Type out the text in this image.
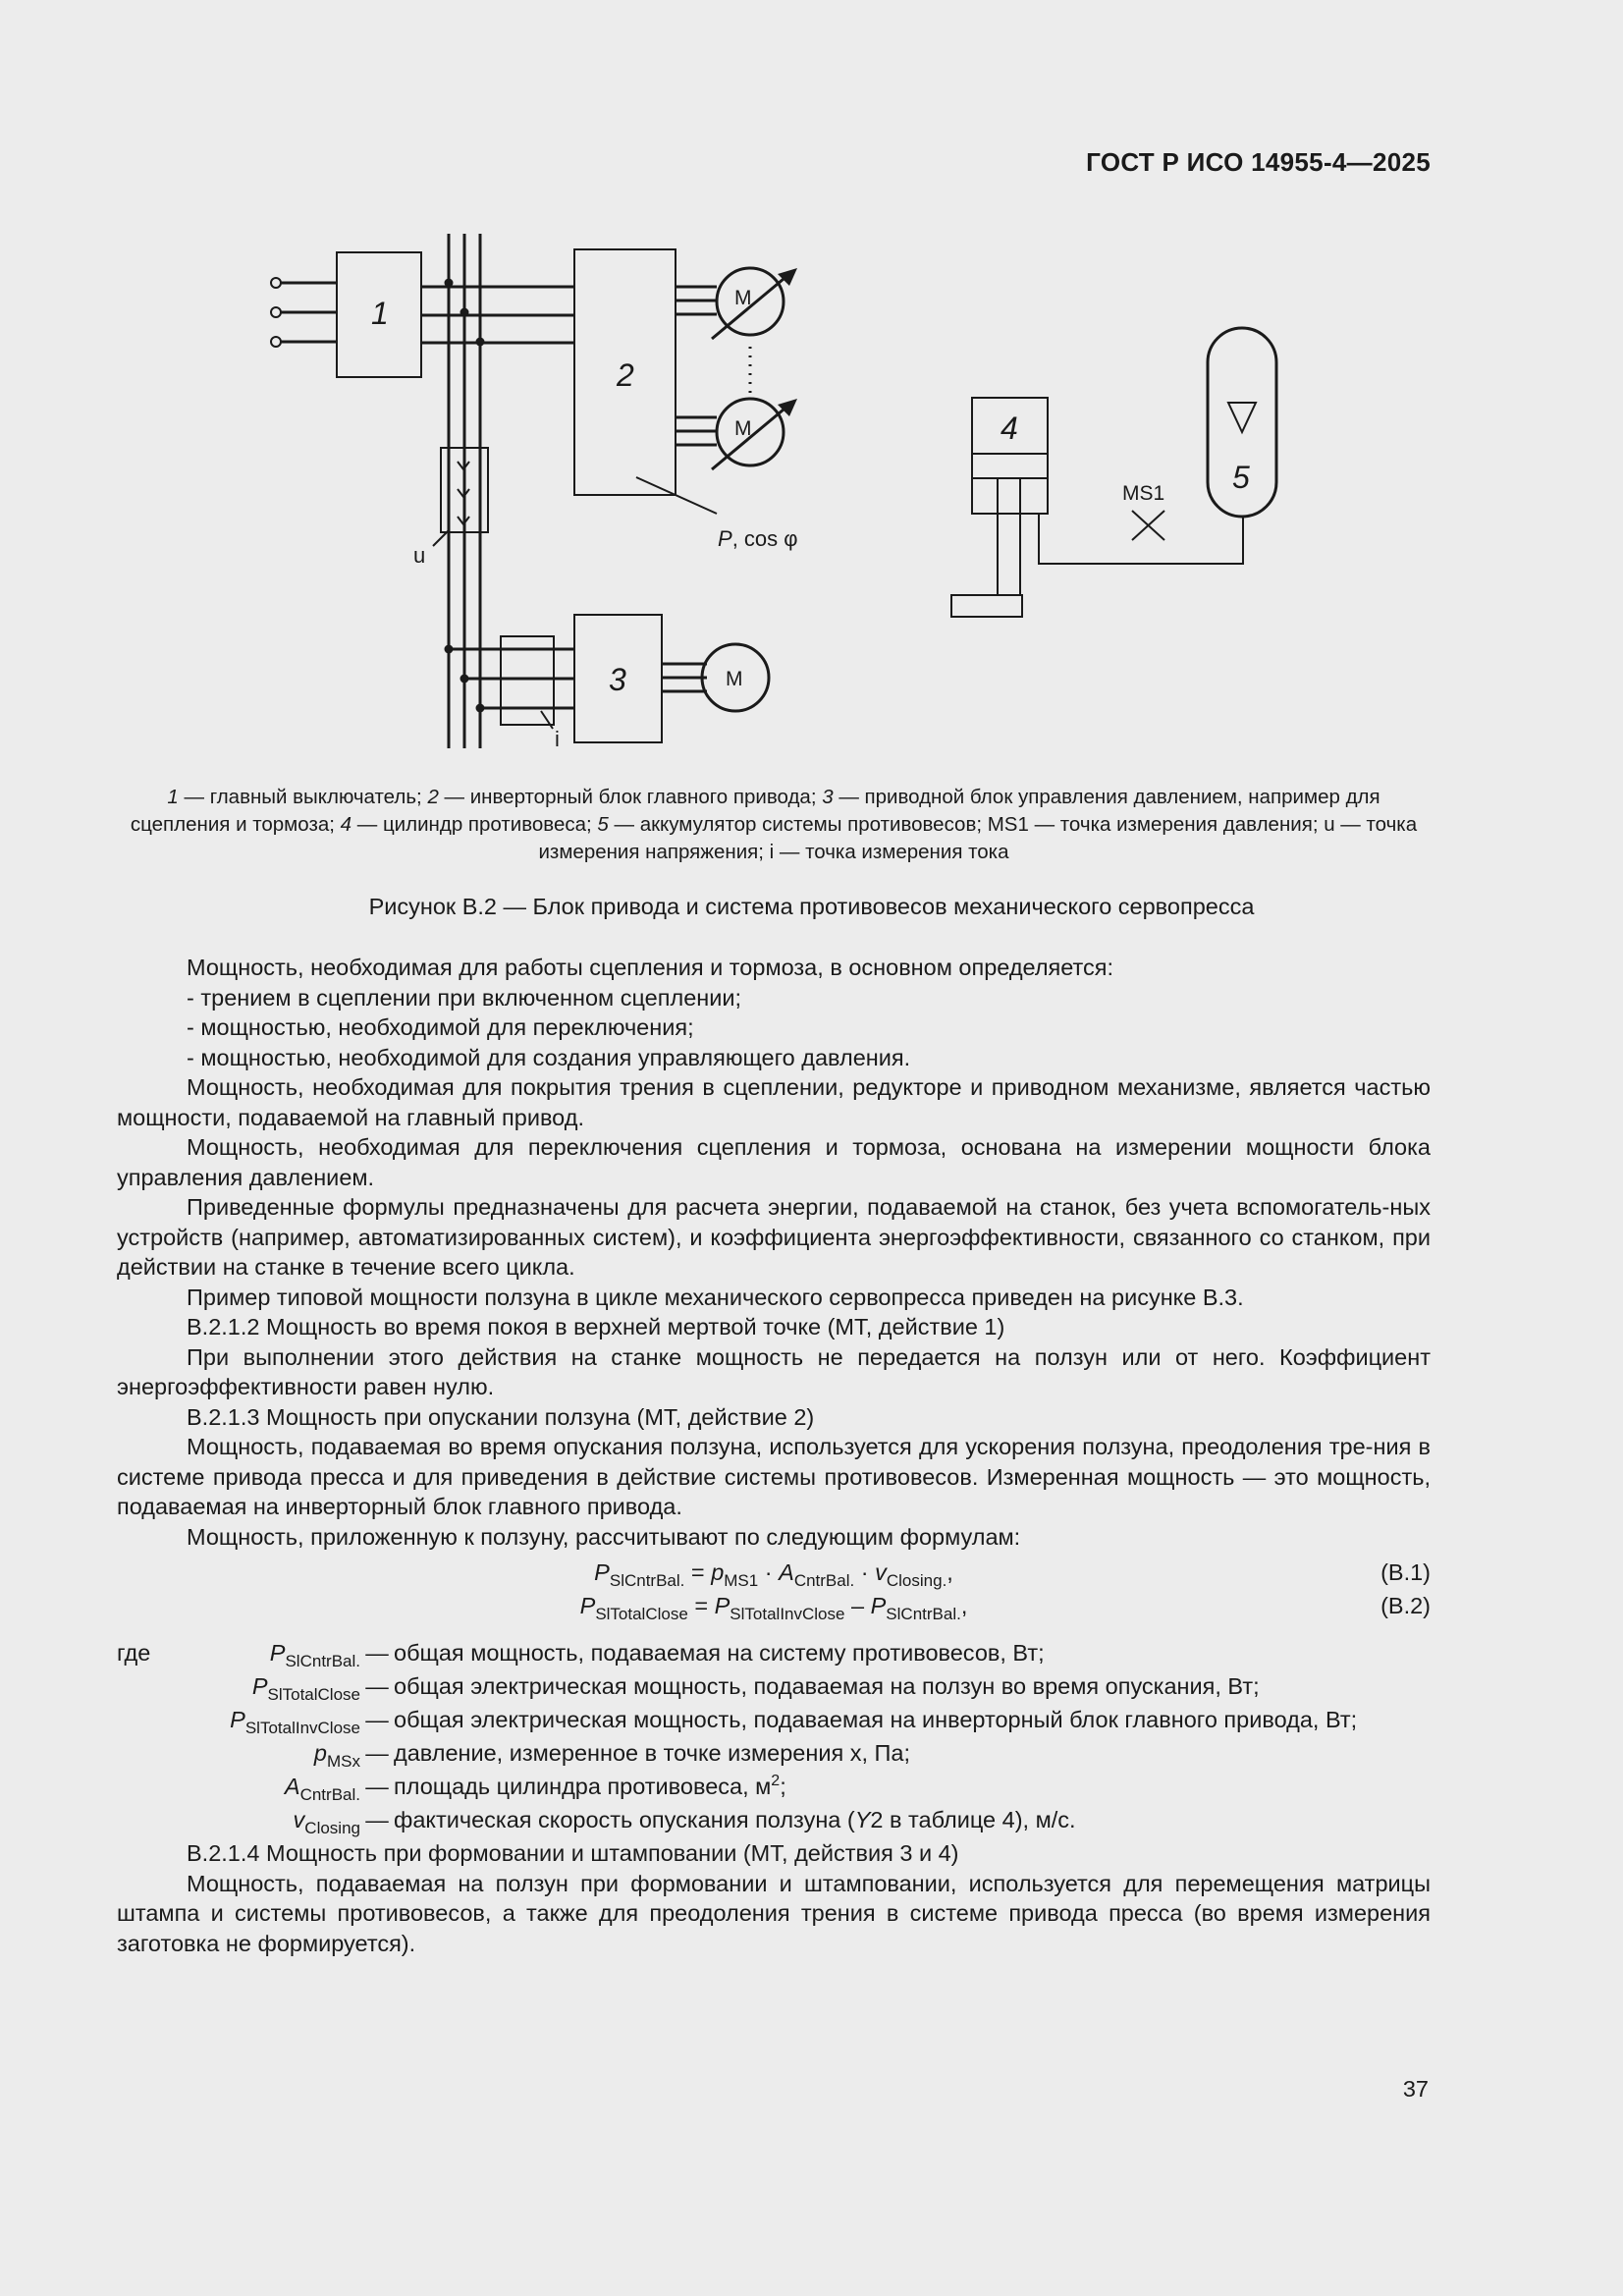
ГОСТ Р ИСО 14955-4—2025
1
2
3
4
5
M
M
M
u
i
P, cos φ
MS1
1 — главный выключатель; 2 — инверторный блок главного привода; 3 — приводной блок управления давлением, например для сцепления и тормоза; 4 — цилиндр противовеса; 5 — аккумулятор системы противовесов; MS1 — точка измерения давления; u — точка измерения напряжения; i — точка измерения тока
Рисунок В.2 — Блок привода и система противовесов механического сервопресса

Мощность, необходимая для работы сцепления и тормоза, в основном определяется:

- трением в сцеплении при включенном сцеплении;

- мощностью, необходимой для переключения;

- мощностью, необходимой для создания управляющего давления.

Мощность, необходимая для покрытия трения в сцеплении, редукторе и приводном механизме, является частью мощности, подаваемой на главный привод.

Мощность, необходимая для переключения сцепления и тормоза, основана на измерении мощности блока управления давлением.

Приведенные формулы предназначены для расчета энергии, подаваемой на станок, без учета вспомогатель-ных устройств (например, автоматизированных систем), и коэффициента энергоэффективности, связанного со станком, при действии на станке в течение всего цикла.

Пример типовой мощности ползуна в цикле механического сервопресса приведен на рисунке В.3.

В.2.1.2 Мощность во время покоя в верхней мертвой точке (МТ, действие 1)

При выполнении этого действия на станке мощность не передается на ползун или от него. Коэффициент энергоэффективности равен нулю.

В.2.1.3 Мощность при опускании ползуна (МТ, действие 2)

Мощность, подаваемая во время опускания ползуна, используется для ускорения ползуна, преодоления тре-ния в системе привода пресса и для приведения в действие системы противовесов. Измеренная мощность — это мощность, подаваемая на инверторный блок главного привода.

Мощность, приложенную к ползуну, рассчитывают по следующим формулам:

$P_{SlCntrBal.} = p_{MS1} \cdot A_{CntrBal.} \cdot v_{Closing.}$,	(В.1)
$P_{SlTotalClose} = P_{SlTotalInvClose} - P_{SlCntrBal.}$,	(В.2)
где	$P_{SlCntrBal.}$ — общая мощность, подаваемая на систему противовесов, Вт;
$P_{SlTotalClose}$ — общая электрическая мощность, подаваемая на ползун во время опускания, Вт;
$P_{SlTotalInvClose}$ — общая электрическая мощность, подаваемая на инверторный блок главного привода, Вт;
$p_{MSx}$ — давление, измеренное в точке измерения x, Па;
$A_{CntrBal.}$ — площадь цилиндра противовеса, $м^2$;
$v_{Closing}$ — фактическая скорость опускания ползуна (Y2 в таблице 4), м/с.

В.2.1.4 Мощность при формовании и штамповании (МТ, действия 3 и 4)

Мощность, подаваемая на ползун при формовании и штамповании, используется для перемещения матрицы штампа и системы противовесов, а также для преодоления трения в системе привода пресса (во время измерения заготовка не формируется).

37
